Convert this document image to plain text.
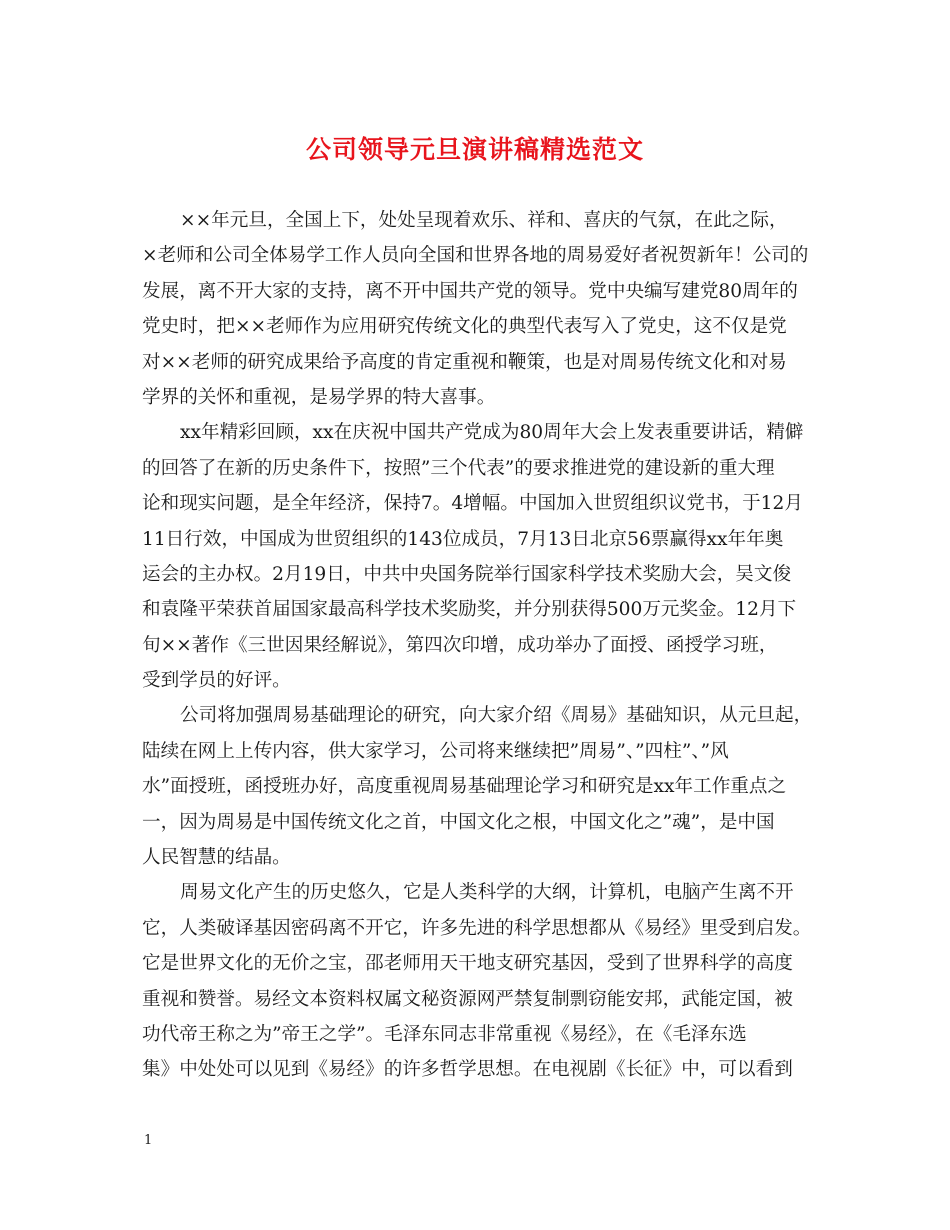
公司领导元旦演讲稿精选范文
××年元旦，全国上下，处处呈现着欢乐、祥和、喜庆的气氛，在此之际，
×老师和公司全体易学工作人员向全国和世界各地的周易爱好者祝贺新年！公司的
发展，离不开大家的支持，离不开中国共产党的领导。党中央编写建党80周年的
党史时，把××老师作为应用研究传统文化的典型代表写入了党史，这不仅是党
对××老师的研究成果给予高度的肯定重视和鞭策，也是对周易传统文化和对易
学界的关怀和重视，是易学界的特大喜事。
xx年精彩回顾，xx在庆祝中国共产党成为80周年大会上发表重要讲话，精僻
的回答了在新的历史条件下，按照”三个代表”的要求推进党的建设新的重大理
论和现实问题，是全年经济，保持7。4增幅。中国加入世贸组织议党书，于12月
11日行效，中国成为世贸组织的143位成员，7月13日北京56票赢得xx年年奥
运会的主办权。2月19日，中共中央国务院举行国家科学技术奖励大会，吴文俊
和袁隆平荣获首届国家最高科学技术奖励奖，并分别获得500万元奖金。12月下
旬××著作《三世因果经解说》，第四次印增，成功举办了面授、函授学习班，
受到学员的好评。
公司将加强周易基础理论的研究，向大家介绍《周易》基础知识，从元旦起，
陆续在网上上传内容，供大家学习，公司将来继续把”周易”、”四柱”、”风
水”面授班，函授班办好，高度重视周易基础理论学习和研究是xx年工作重点之
一，因为周易是中国传统文化之首，中国文化之根，中国文化之”魂”，是中国
人民智慧的结晶。
周易文化产生的历史悠久，它是人类科学的大纲，计算机，电脑产生离不开
它，人类破译基因密码离不开它，许多先进的科学思想都从《易经》里受到启发。
它是世界文化的无价之宝，邵老师用天干地支研究基因，受到了世界科学的高度
重视和赞誉。易经文本资料权属文秘资源网严禁复制剽窃能安邦，武能定国，被
功代帝王称之为”帝王之学”。毛泽东同志非常重视《易经》，在《毛泽东选
集》中处处可以见到《易经》的许多哲学思想。在电视剧《长征》中，可以看到
1
